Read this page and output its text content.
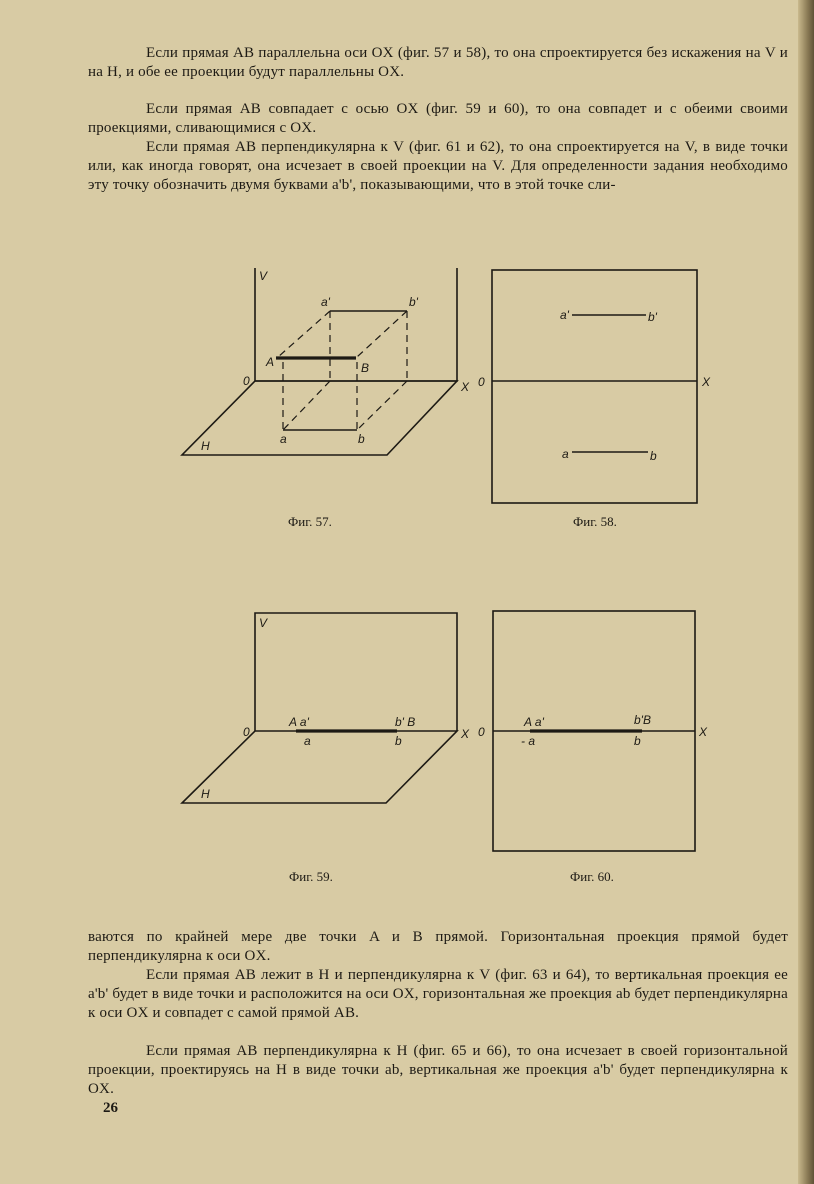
Если прямая AB параллельна оси OX (фиг. 57 и 58), то она спроектируется без искажения на V и на H, и обе ее проекции будут параллельны OX.

Если прямая AB совпадает с осью OX (фиг. 59 и 60), то она совпадет и с обеими своими проекциями, сливающимися с OX.

Если прямая AB перпендикулярна к V (фиг. 61 и 62), то она спроектируется на V, в виде точки или, как иногда говорят, она исчезает в своей проекции на V. Для определенности задания необходимо эту точку обозначить двумя буквами a'b', показывающими, что в этой точке сли-

V
H
0	X
a'	b'
A	B
a	b
Фиг. 57.
0	X
a'	b'
a	b
Фиг. 58.
V
H
0	X
A a'	b' B
a	b
Фиг. 59.
0	X
A a'	b'B
- a	b
Фиг. 60.

ваются по крайней мере две точки A и B прямой. Горизонтальная проекция прямой будет перпендикулярна к оси OX.

Если прямая AB лежит в H и перпендикулярна к V (фиг. 63 и 64), то вертикальная проекция ее a'b' будет в виде точки и расположится на оси OX, горизонтальная же проекция ab будет перпендикулярна к оси OX и совпадет с самой прямой AB.

Если прямая AB перпендикулярна к H (фиг. 65 и 66), то она исчезает в своей горизонтальной проекции, проектируясь на H в виде точки ab, вертикальная же проекция a'b' будет перпендикулярна к OX.

26
